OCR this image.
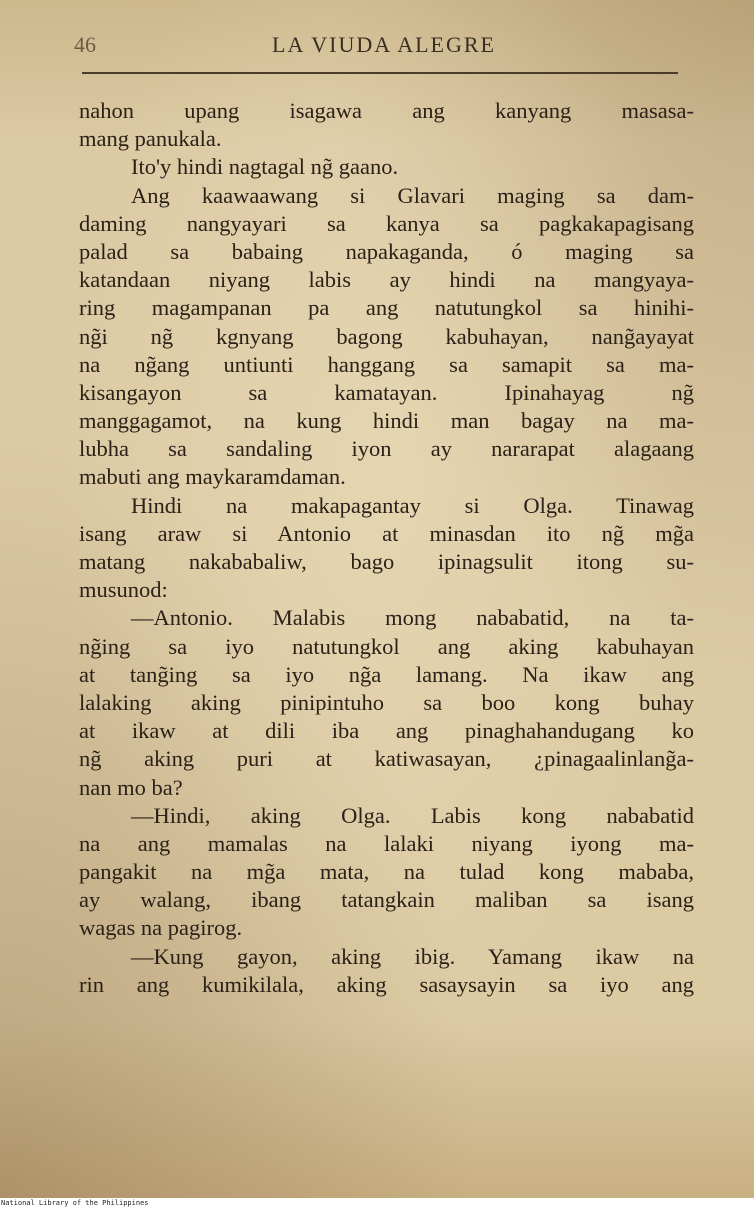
46	LA VIUDA ALEGRE
nahon upang isagawa ang kanyang masasa-
mang panukala.
Ito'y hindi nagtagal ng̃ gaano.
Ang kaawaawang si Glavari maging sa dam-
daming nangyayari sa kanya sa pagkakapagisang
palad sa babaing napakaganda, ó maging sa
katandaan niyang labis ay hindi na mangyaya-
ring magampanan pa ang natutungkol sa hinihi-
ng̃i ng̃ kgnyang bagong kabuhayan, nang̃ayayat
na ng̃ang untiunti hanggang sa samapit sa ma-
kisangayon sa kamatayan. Ipinahayag ng̃
manggagamot, na kung hindi man bagay na ma-
lubha sa sandaling iyon ay nararapat alagaang
mabuti ang maykaramdaman.
Hindi na makapagantay si Olga. Tinawag
isang araw si Antonio at minasdan ito ng̃ mg̃a
matang nakababaliw, bago ipinagsulit itong su-
musunod:
—Antonio. Malabis mong nababatid, na ta-
ng̃ing sa iyo natutungkol ang aking kabuhayan
at tang̃ing sa iyo ng̃a lamang. Na ikaw ang
lalaking aking pinipintuho sa boo kong buhay
at ikaw at dili iba ang pinaghahandugang ko
ng̃ aking puri at katiwasayan, ¿pinagaalinlang̃a-
nan mo ba?
—Hindi, aking Olga. Labis kong nababatid
na ang mamalas na lalaki niyang iyong ma-
pangakit na mg̃a mata, na tulad kong mababa,
ay walang, ibang tatangkain maliban sa isang
wagas na pagirog.
—Kung gayon, aking ibig. Yamang ikaw na
rin ang kumikilala, aking sasaysayin sa iyo ang
National Library of the Philippines
